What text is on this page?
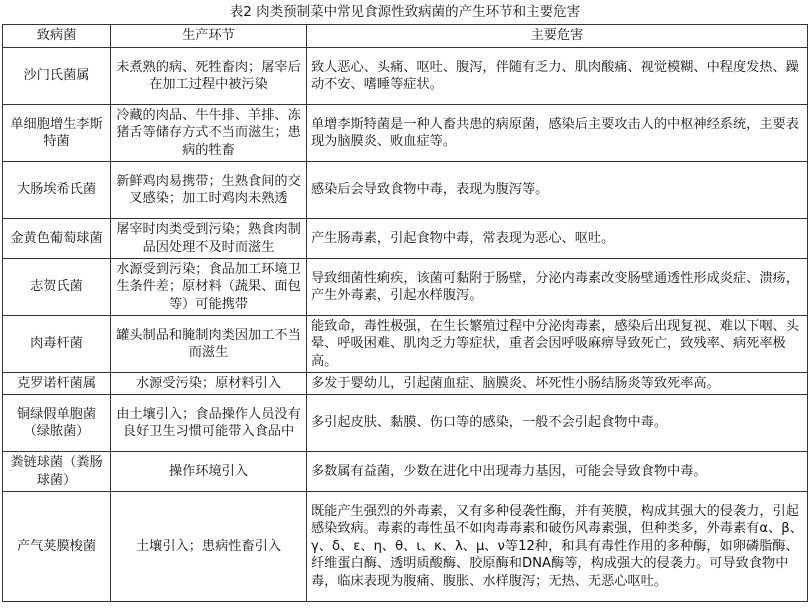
表2 肉类预制菜中常见食源性致病菌的产生环节和主要危害
致病菌	生产环节	主要危害
沙门氏菌属	未煮熟的病、死牲畜肉；屠宰后在加工过程中被污染	致人恶心、头痛、呕吐、腹泻，伴随有乏力、肌肉酸痛、视觉模糊、中程度发热、躁动不安、嗜睡等症状。
单细胞增生李斯特菌	冷藏的肉品、牛牛排、羊排、冻猪舌等储存方式不当而滋生；患病的牲畜	单增李斯特菌是一种人畜共患的病原菌，感染后主要攻击人的中枢神经系统，主要表现为脑膜炎、败血症等。
大肠埃希氏菌	新鲜鸡肉易携带；生熟食间的交叉感染；加工时鸡肉未熟透	感染后会导致食物中毒，表现为腹泻等。
金黄色葡萄球菌	屠宰时肉类受到污染；熟食肉制品因处理不及时而滋生	产生肠毒素，引起食物中毒，常表现为恶心、呕吐。
志贺氏菌	水源受到污染；食品加工环境卫生条件差；原材料（蔬果、面包等）可能携带	导致细菌性痢疾，该菌可黏附于肠壁，分泌内毒素改变肠壁通透性形成炎症、溃疡，产生外毒素，引起水样腹泻。
肉毒杆菌	罐头制品和腌制肉类因加工不当而滋生	能致命，毒性极强，在生长繁殖过程中分泌肉毒素，感染后出现复视、难以下咽、头晕、呼吸困难、肌肉乏力等症状，重者会因呼吸麻痹导致死亡，致残率、病死率极高。
克罗诺杆菌属	水源受污染；原材料引入	多发于婴幼儿，引起菌血症、脑膜炎、坏死性小肠结肠炎等致死率高。
铜绿假单胞菌（绿脓菌）	由土壤引入；食品操作人员没有良好卫生习惯可能带入食品中	多引起皮肤、黏膜、伤口等的感染，一般不会引起食物中毒。
粪链球菌（粪肠球菌）	操作环境引入	多数属有益菌，少数在进化中出现毒力基因，可能会导致食物中毒。
产气荚膜梭菌	土壤引入；患病性畜引入	既能产生强烈的外毒素，又有多种侵袭性酶，并有荚膜，构成其强大的侵袭力，引起感染致病。毒素的毒性虽不如肉毒毒素和破伤风毒素强，但种类多，外毒素有α、β、γ、δ、ε、η、θ、ι、κ、λ、μ、ν等12种，和具有毒性作用的多种酶，如卵磷脂酶、纤维蛋白酶、透明质酸酶、胶原酶和DNA酶等，构成强大的侵袭力。可导致食物中毒，临床表现为腹痛、腹胀、水样腹泻；无热、无恶心呕吐。
